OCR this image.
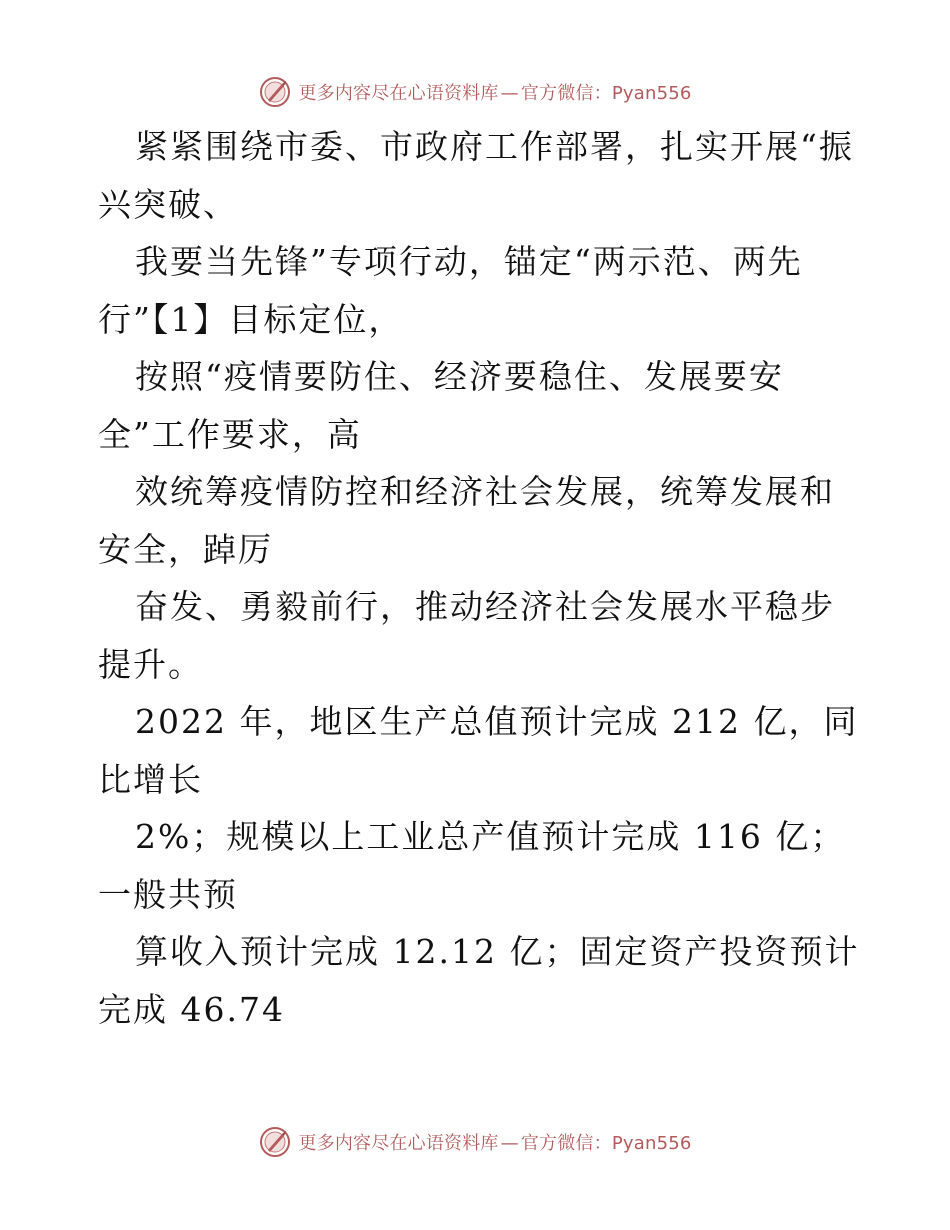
更多内容尽在心语资料库 — 官方微信：Pyan556

紧紧围绕市委、市政府工作部署，扎实开展“振兴突破、

我要当先锋”专项行动，锚定“两示范、两先行”【1】目标定位，

按照“疫情要防住、经济要稳住、发展要安全”工作要求，高

效统筹疫情防控和经济社会发展，统筹发展和安全，踔厉

奋发、勇毅前行，推动经济社会发展水平稳步提升。

2022 年，地区生产总值预计完成 212 亿，同比增长

2%；规模以上工业总产值预计完成 116 亿； 一般共预

算收入预计完成 12.12 亿；固定资产投资预计完成 46.74

更多内容尽在心语资料库 — 官方微信：Pyan556
